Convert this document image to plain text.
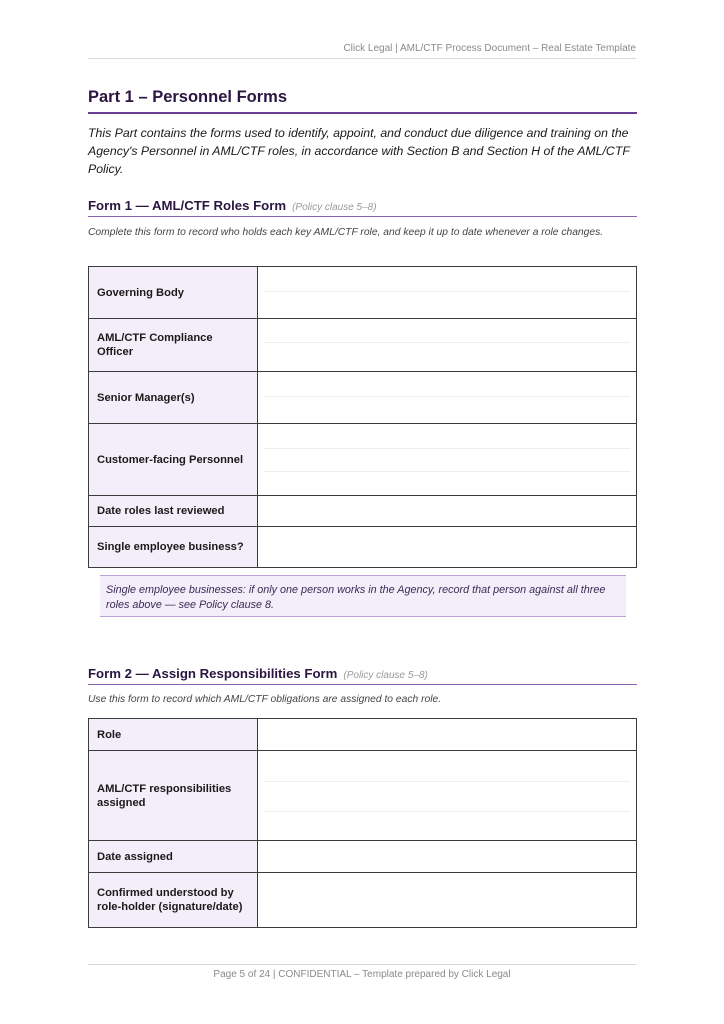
Click Legal | AML/CTF Process Document – Real Estate Template
Part 1 – Personnel Forms
This Part contains the forms used to identify, appoint, and conduct due diligence and training on the Agency's Personnel in AML/CTF roles, in accordance with Section B and Section H of the AML/CTF Policy.
Form 1 — AML/CTF Roles Form (Policy clause 5–8)
Complete this form to record who holds each key AML/CTF role, and keep it up to date whenever a role changes.
Governing Body	

AML/CTF Compliance Officer	

Senior Manager(s)	

Customer-facing Personnel	

Date roles last reviewed	
Single employee business?	
Single employee businesses: if only one person works in the Agency, record that person against all three roles above — see Policy clause 8.
Form 2 — Assign Responsibilities Form (Policy clause 5–8)
Use this form to record which AML/CTF obligations are assigned to each role.
Role	
AML/CTF responsibilities assigned	

Date assigned	
Confirmed understood by role-holder (signature/date)	
Page 5 of 24 | CONFIDENTIAL – Template prepared by Click Legal
